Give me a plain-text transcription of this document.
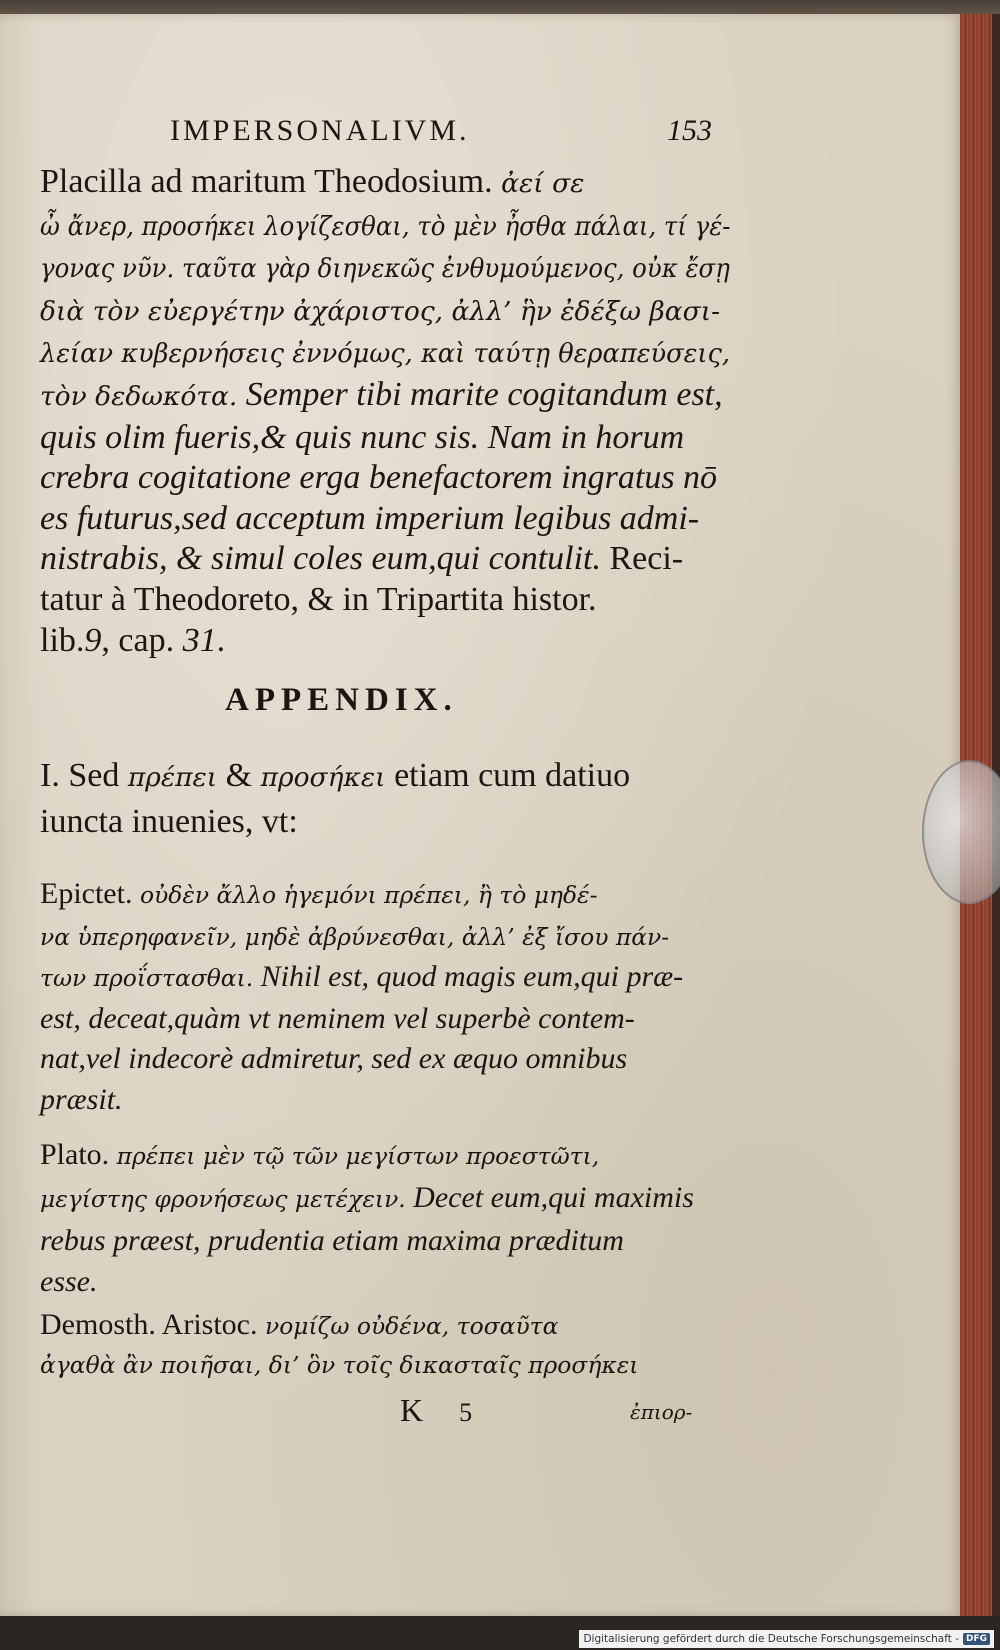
IMPERSONALIVM.	153
Placilla ad maritum Theodosium. ἀεί σε
ὦ ἄνερ, προσήκει λογίζεσθαι, τὸ μὲν ἦσθα πάλαι, τί γέ-
γονας νῦν. ταῦτα γὰρ διηνεκῶς ἐνθυμούμενος, οὐκ ἔσῃ
διὰ τὸν εὐεργέτην ἀχάριστος, ἀλλ’ ἣν ἐδέξω βασι-
λείαν κυβερνήσεις ἐννόμως, καὶ ταύτῃ θεραπεύσεις,
τὸν δεδωκότα. Semper tibi marite cogitandum est,
quis olim fueris,& quis nunc sis. Nam in horum
crebra cogitatione erga benefactorem ingratus nō
es futurus,sed acceptum imperium legibus admi-
nistrabis, & simul coles eum,qui contulit. Reci-
tatur à Theodoreto, & in Tripartita histor.
lib.9, cap. 31.
APPENDIX.
I. Sed πρέπει & προσήκει etiam cum datiuo
iuncta inuenies, vt:
Epictet. οὐδὲν ἄλλο ἡγεμόνι πρέπει, ἢ τὸ μηδέ-
να ὑπερηφανεῖν, μηδὲ ἀβρύνεσθαι, ἀλλ’ ἐξ ἴσου πάν-
των προΐστασθαι. Nihil est, quod magis eum,qui præ-
est, deceat,quàm vt neminem vel superbè contem-
nat,vel indecorè admiretur, sed ex æquo omnibus
præsit.
Plato. πρέπει μὲν τῷ τῶν μεγίστων προεστῶτι,
μεγίστης φρονήσεως μετέχειν. Decet eum,qui maximis
rebus præest, prudentia etiam maxima præditum
esse.
Demosth. Aristoc. νομίζω οὐδένα, τοσαῦτα
ἀγαθὰ ἂν ποιῆσαι, δι’ ὃν τοῖς δικασταῖς προσήκει
K 5	ἐπιορ-
Digitalisierung gefördert durch die Deutsche Forschungsgemeinschaft - DFG
